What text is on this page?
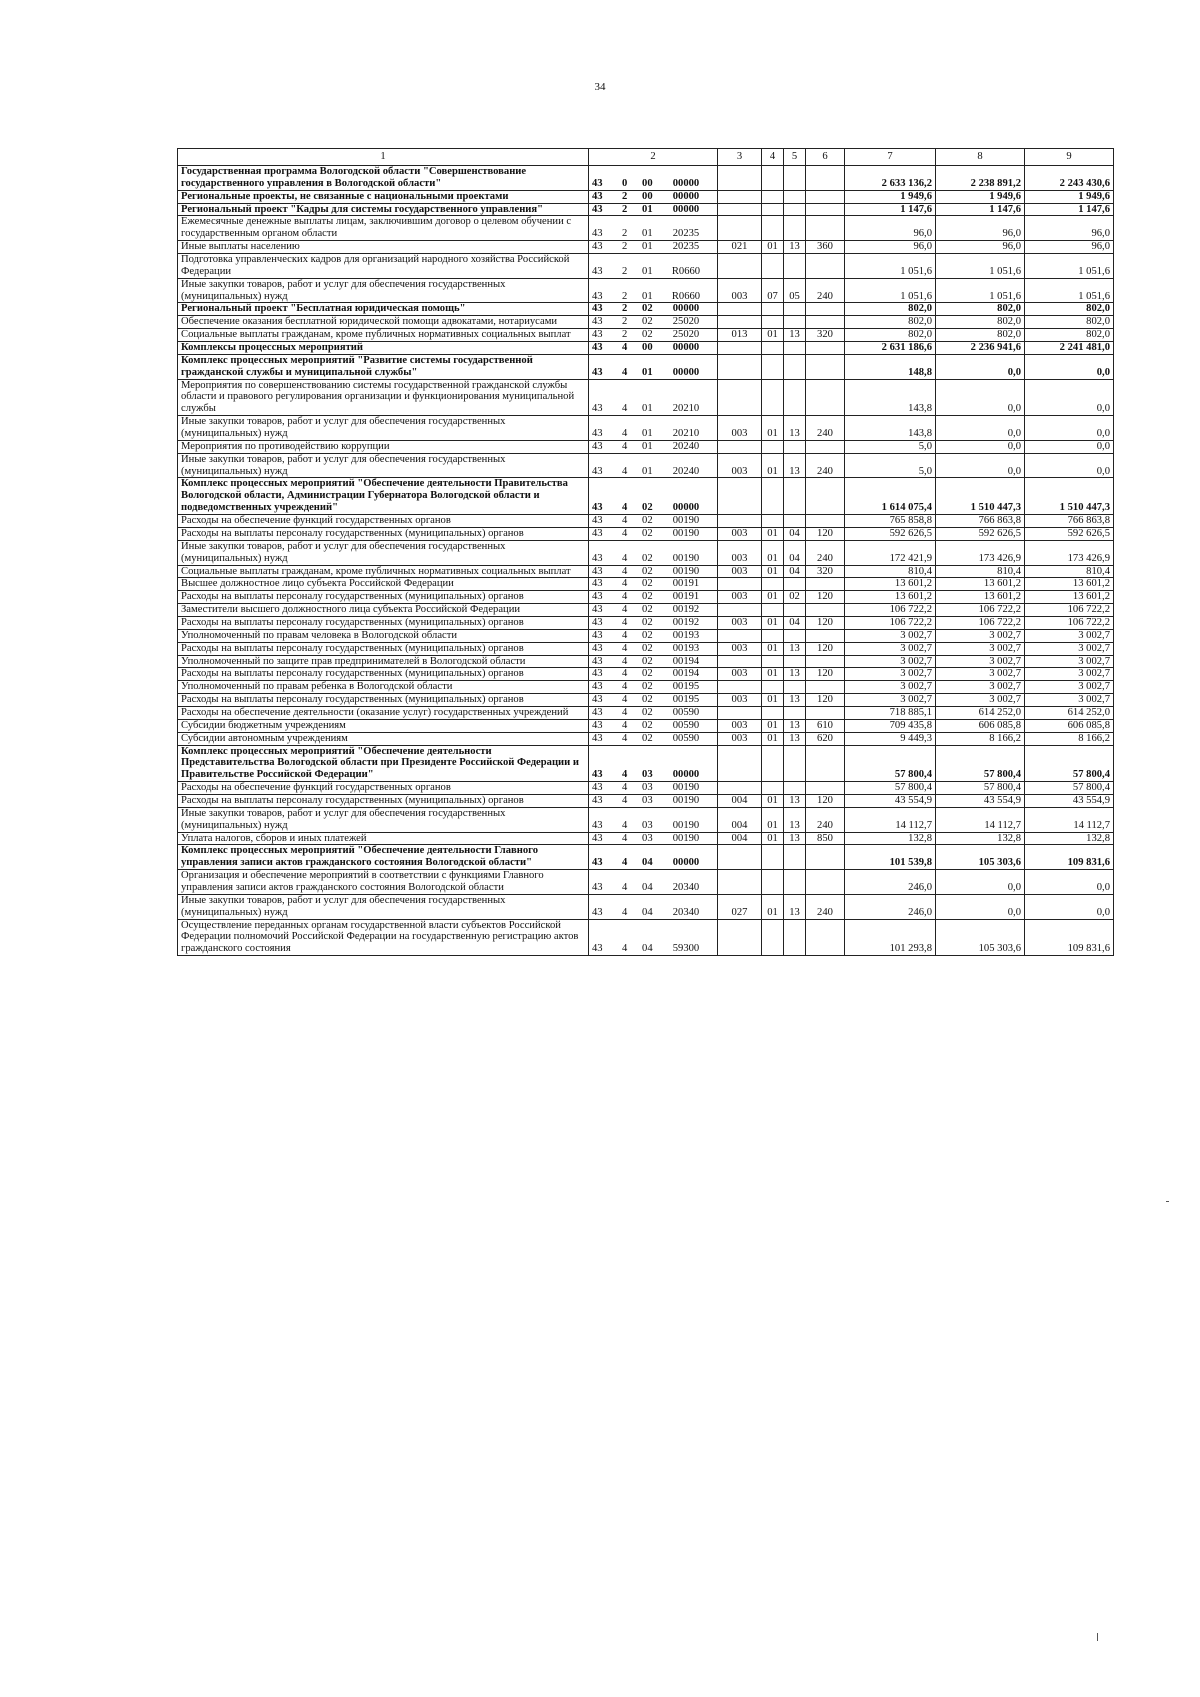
34
1	2	3	4	5	6	7	8	9
Государственная программа Вологодской области "Совершенствование государственного управления в Вологодской области"	43 0 00 00000					2 633 136,2	2 238 891,2	2 243 430,6
Региональные проекты, не связанные с национальными проектами	43 2 00 00000					1 949,6	1 949,6	1 949,6
Региональный проект "Кадры для системы государственного управления"	43 2 01 00000					1 147,6	1 147,6	1 147,6
Ежемесячные денежные выплаты лицам, заключившим договор о целевом обучении с государственным органом области	43 2 01 20235					96,0	96,0	96,0
Иные выплаты населению	43 2 01 20235	021	01	13	360	96,0	96,0	96,0
Подготовка управленческих кадров для организаций народного хозяйства Российской Федерации	43 2 01 R0660					1 051,6	1 051,6	1 051,6
Иные закупки товаров, работ и услуг для обеспечения государственных (муниципальных) нужд	43 2 01 R0660	003	07	05	240	1 051,6	1 051,6	1 051,6
Региональный проект "Бесплатная юридическая помощь"	43 2 02 00000					802,0	802,0	802,0
Обеспечение оказания бесплатной юридической помощи адвокатами, нотариусами	43 2 02 25020					802,0	802,0	802,0
Социальные выплаты гражданам, кроме публичных нормативных социальных выплат	43 2 02 25020	013	01	13	320	802,0	802,0	802,0
Комплексы процессных мероприятий	43 4 00 00000					2 631 186,6	2 236 941,6	2 241 481,0
Комплекс процессных мероприятий "Развитие системы государственной гражданской службы и муниципальной службы"	43 4 01 00000					148,8	0,0	0,0
Мероприятия по совершенствованию системы государственной гражданской службы области и правового регулирования организации и функционирования муниципальной службы	43 4 01 20210					143,8	0,0	0,0
Иные закупки товаров, работ и услуг для обеспечения государственных (муниципальных) нужд	43 4 01 20210	003	01	13	240	143,8	0,0	0,0
Мероприятия по противодействию коррупции	43 4 01 20240					5,0	0,0	0,0
Иные закупки товаров, работ и услуг для обеспечения государственных (муниципальных) нужд	43 4 01 20240	003	01	13	240	5,0	0,0	0,0
Комплекс процессных мероприятий "Обеспечение деятельности Правительства Вологодской области, Администрации Губернатора Вологодской области и подведомственных учреждений"	43 4 02 00000					1 614 075,4	1 510 447,3	1 510 447,3
Расходы на обеспечение функций государственных органов	43 4 02 00190					765 858,8	766 863,8	766 863,8
Расходы на выплаты персоналу государственных (муниципальных) органов	43 4 02 00190	003	01	04	120	592 626,5	592 626,5	592 626,5
Иные закупки товаров, работ и услуг для обеспечения государственных (муниципальных) нужд	43 4 02 00190	003	01	04	240	172 421,9	173 426,9	173 426,9
Социальные выплаты гражданам, кроме публичных нормативных социальных выплат	43 4 02 00190	003	01	04	320	810,4	810,4	810,4
Высшее должностное лицо субъекта Российской Федерации	43 4 02 00191					13 601,2	13 601,2	13 601,2
Расходы на выплаты персоналу государственных (муниципальных) органов	43 4 02 00191	003	01	02	120	13 601,2	13 601,2	13 601,2
Заместители высшего должностного лица субъекта Российской Федерации	43 4 02 00192					106 722,2	106 722,2	106 722,2
Расходы на выплаты персоналу государственных (муниципальных) органов	43 4 02 00192	003	01	04	120	106 722,2	106 722,2	106 722,2
Уполномоченный по правам человека в Вологодской области	43 4 02 00193					3 002,7	3 002,7	3 002,7
Расходы на выплаты персоналу государственных (муниципальных) органов	43 4 02 00193	003	01	13	120	3 002,7	3 002,7	3 002,7
Уполномоченный по защите прав предпринимателей в Вологодской области	43 4 02 00194					3 002,7	3 002,7	3 002,7
Расходы на выплаты персоналу государственных (муниципальных) органов	43 4 02 00194	003	01	13	120	3 002,7	3 002,7	3 002,7
Уполномоченный по правам ребенка в Вологодской области	43 4 02 00195					3 002,7	3 002,7	3 002,7
Расходы на выплаты персоналу государственных (муниципальных) органов	43 4 02 00195	003	01	13	120	3 002,7	3 002,7	3 002,7
Расходы на обеспечение деятельности (оказание услуг) государственных учреждений	43 4 02 00590					718 885,1	614 252,0	614 252,0
Субсидии бюджетным учреждениям	43 4 02 00590	003	01	13	610	709 435,8	606 085,8	606 085,8
Субсидии автономным учреждениям	43 4 02 00590	003	01	13	620	9 449,3	8 166,2	8 166,2
Комплекс процессных мероприятий "Обеспечение деятельности Представительства Вологодской области при Президенте Российской Федерации и Правительстве Российской Федерации"	43 4 03 00000					57 800,4	57 800,4	57 800,4
Расходы на обеспечение функций государственных органов	43 4 03 00190					57 800,4	57 800,4	57 800,4
Расходы на выплаты персоналу государственных (муниципальных) органов	43 4 03 00190	004	01	13	120	43 554,9	43 554,9	43 554,9
Иные закупки товаров, работ и услуг для обеспечения государственных (муниципальных) нужд	43 4 03 00190	004	01	13	240	14 112,7	14 112,7	14 112,7
Уплата налогов, сборов и иных платежей	43 4 03 00190	004	01	13	850	132,8	132,8	132,8
Комплекс процессных мероприятий "Обеспечение деятельности Главного управления записи актов гражданского состояния Вологодской области"	43 4 04 00000					101 539,8	105 303,6	109 831,6
Организация и обеспечение мероприятий в соответствии с функциями Главного управления записи актов гражданского состояния Вологодской области	43 4 04 20340					246,0	0,0	0,0
Иные закупки товаров, работ и услуг для обеспечения государственных (муниципальных) нужд	43 4 04 20340	027	01	13	240	246,0	0,0	0,0
Осуществление переданных органам государственной власти субъектов Российской Федерации полномочий Российской Федерации на государственную регистрацию актов гражданского состояния	43 4 04 59300					101 293,8	105 303,6	109 831,6
